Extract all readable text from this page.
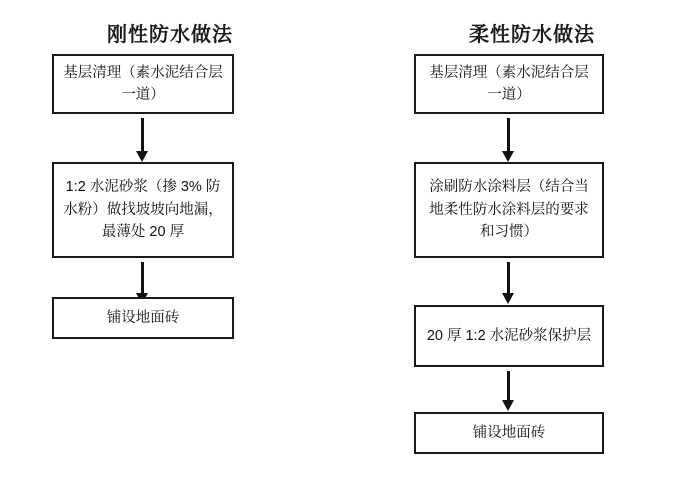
刚性防水做法
基层清理（素水泥结合层一道）
1:2 水泥砂浆（掺 3% 防水粉）做找坡坡向地漏，最薄处 20 厚
铺设地面砖
柔性防水做法
基层清理（素水泥结合层一道）
涂刷防水涂料层（结合当地柔性防水涂料层的要求和习惯）
20 厚 1:2 水泥砂浆保护层
铺设地面砖
